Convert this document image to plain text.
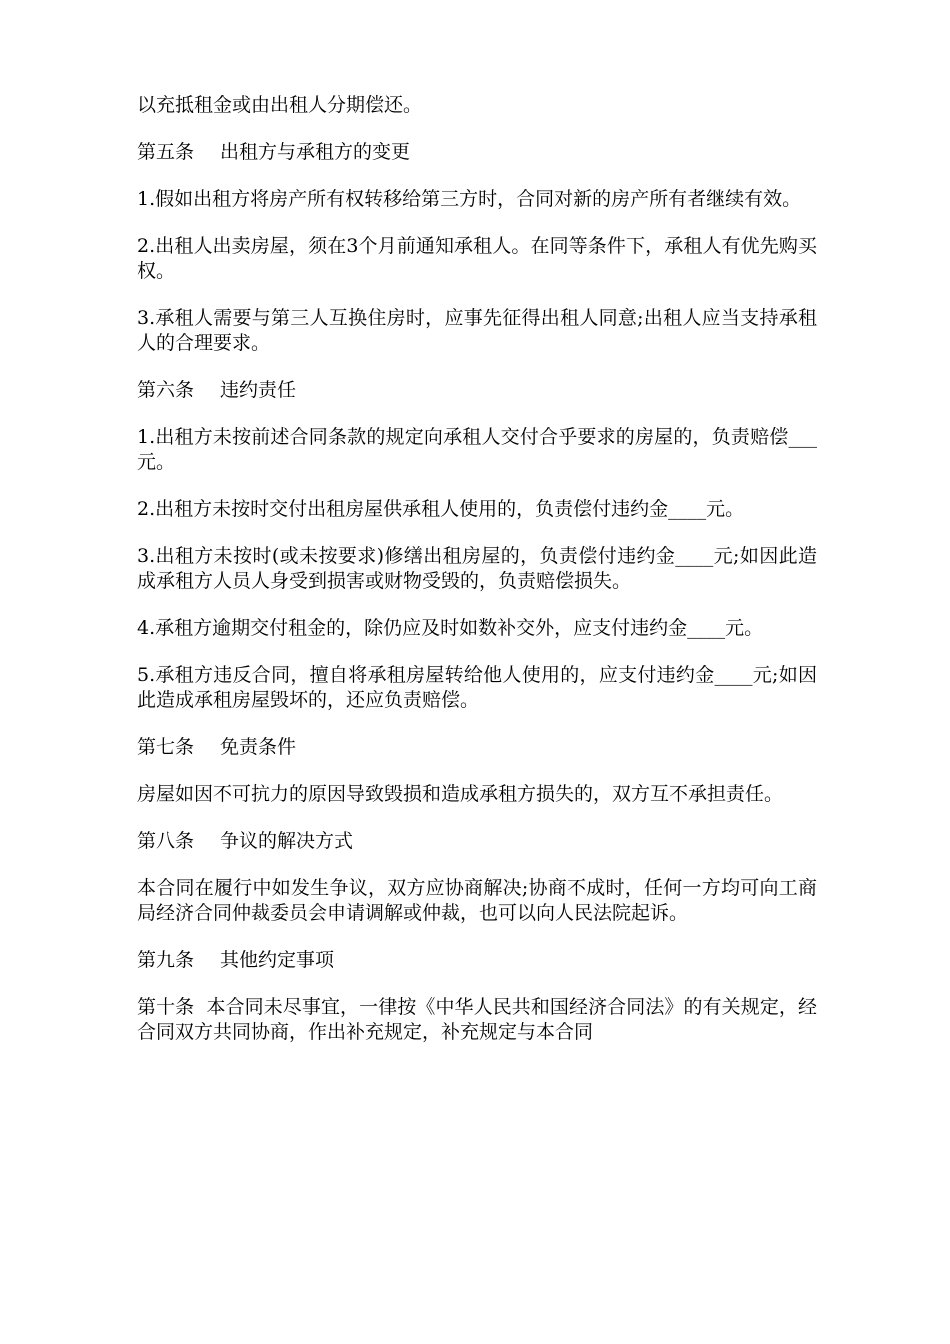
以充抵租金或由出租人分期偿还。

第五条 出租方与承租方的变更

1.假如出租方将房产所有权转移给第三方时，合同对新的房产所有者继续有效。

2.出租人出卖房屋，须在3个月前通知承租人。在同等条件下，承租人有优先购买权。

3.承租人需要与第三人互换住房时，应事先征得出租人同意;出租人应当支持承租人的合理要求。

第六条 违约责任

1.出租方未按前述合同条款的规定向承租人交付合乎要求的房屋的，负责赔偿___元。

2.出租方未按时交付出租房屋供承租人使用的，负责偿付违约金____元。

3.出租方未按时(或未按要求)修缮出租房屋的，负责偿付违约金____元;如因此造成承租方人员人身受到损害或财物受毁的，负责赔偿损失。

4.承租方逾期交付租金的，除仍应及时如数补交外，应支付违约金____元。

5.承租方违反合同，擅自将承租房屋转给他人使用的，应支付违约金____元;如因此造成承租房屋毁坏的，还应负责赔偿。

第七条 免责条件

房屋如因不可抗力的原因导致毁损和造成承租方损失的，双方互不承担责任。

第八条 争议的解决方式

本合同在履行中如发生争议，双方应协商解决;协商不成时，任何一方均可向工商局经济合同仲裁委员会申请调解或仲裁，也可以向人民法院起诉。

第九条 其他约定事项

第十条  本合同未尽事宜，一律按《中华人民共和国经济合同法》的有关规定，经合同双方共同协商，作出补充规定，补充规定与本合同
